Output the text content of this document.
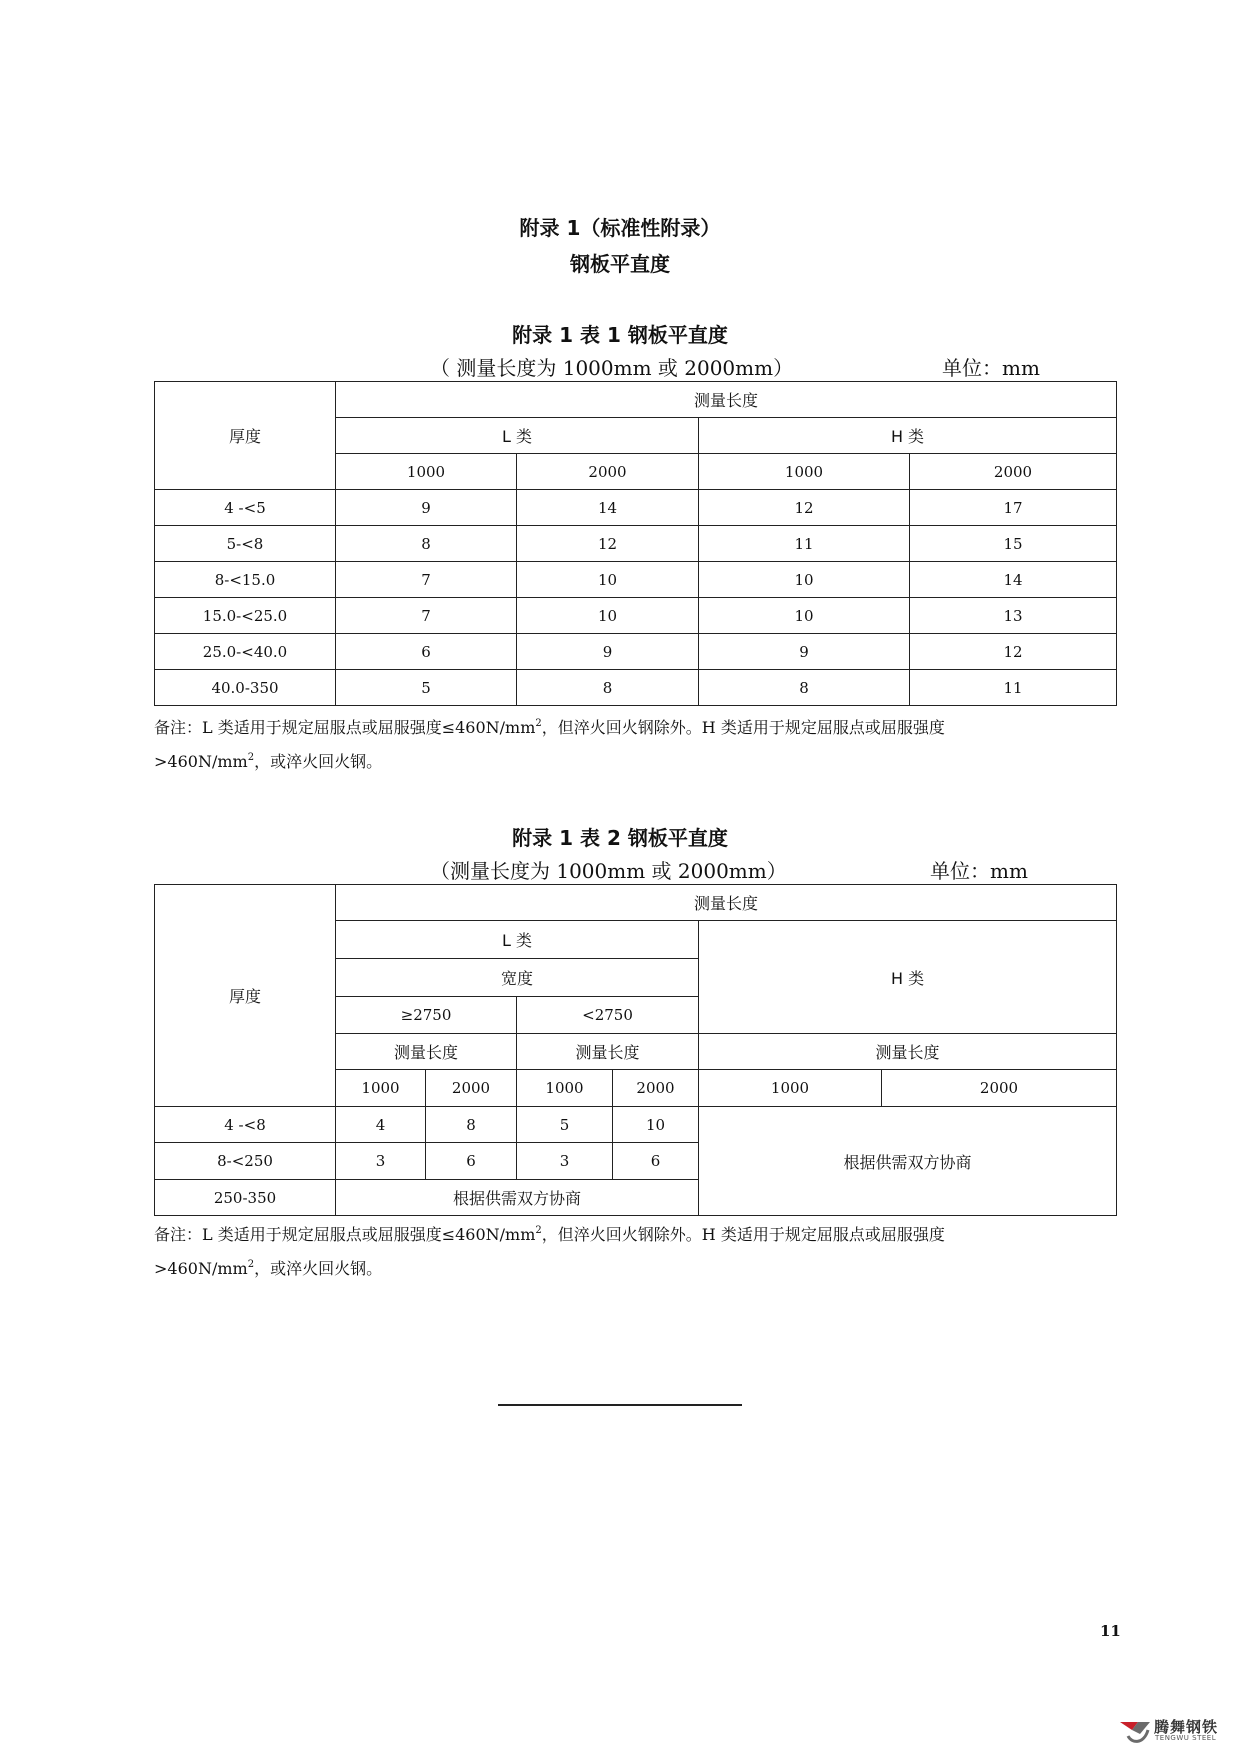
附录 1（标准性附录）
钢板平直度
附录 1 表 1 钢板平直度
（ 测量长度为 1000mm 或 2000mm）	单位：mm
厚度	测量长度			
	L 类		H 类	
	1000	2000	1000	2000
4 -<5	9	14	12	17
5-<8	8	12	11	15
8-<15.0	7	10	10	14
15.0-<25.0	7	10	10	13
25.0-<40.0	6	9	9	12
40.0-350	5	8	8	11
备注：L 类适用于规定屈服点或屈服强度$\le 460N/mm^2$，但淬火回火钢除外。H 类适用于规定屈服点或屈服强度
$>460N/mm^2$，或淬火回火钢。
附录 1 表 2 钢板平直度
（测量长度为 1000mm 或 2000mm）	单位：mm
厚度	测量长度					
	L 类				H 类	
	宽度					
	≥2750		<2750			
	测量长度		测量长度		测量长度	
	1000	2000	1000	2000	1000	2000
4 -<8	4	8	5	10	根据供需双方协商	
8-<250	3	6	3	6		
250-350	根据供需双方协商					
备注：L 类适用于规定屈服点或屈服强度$\le 460N/mm^2$，但淬火回火钢除外。H 类适用于规定屈服点或屈服强度
$>460N/mm^2$，或淬火回火钢。
11
腾舞钢铁
TENGWU STEEL
